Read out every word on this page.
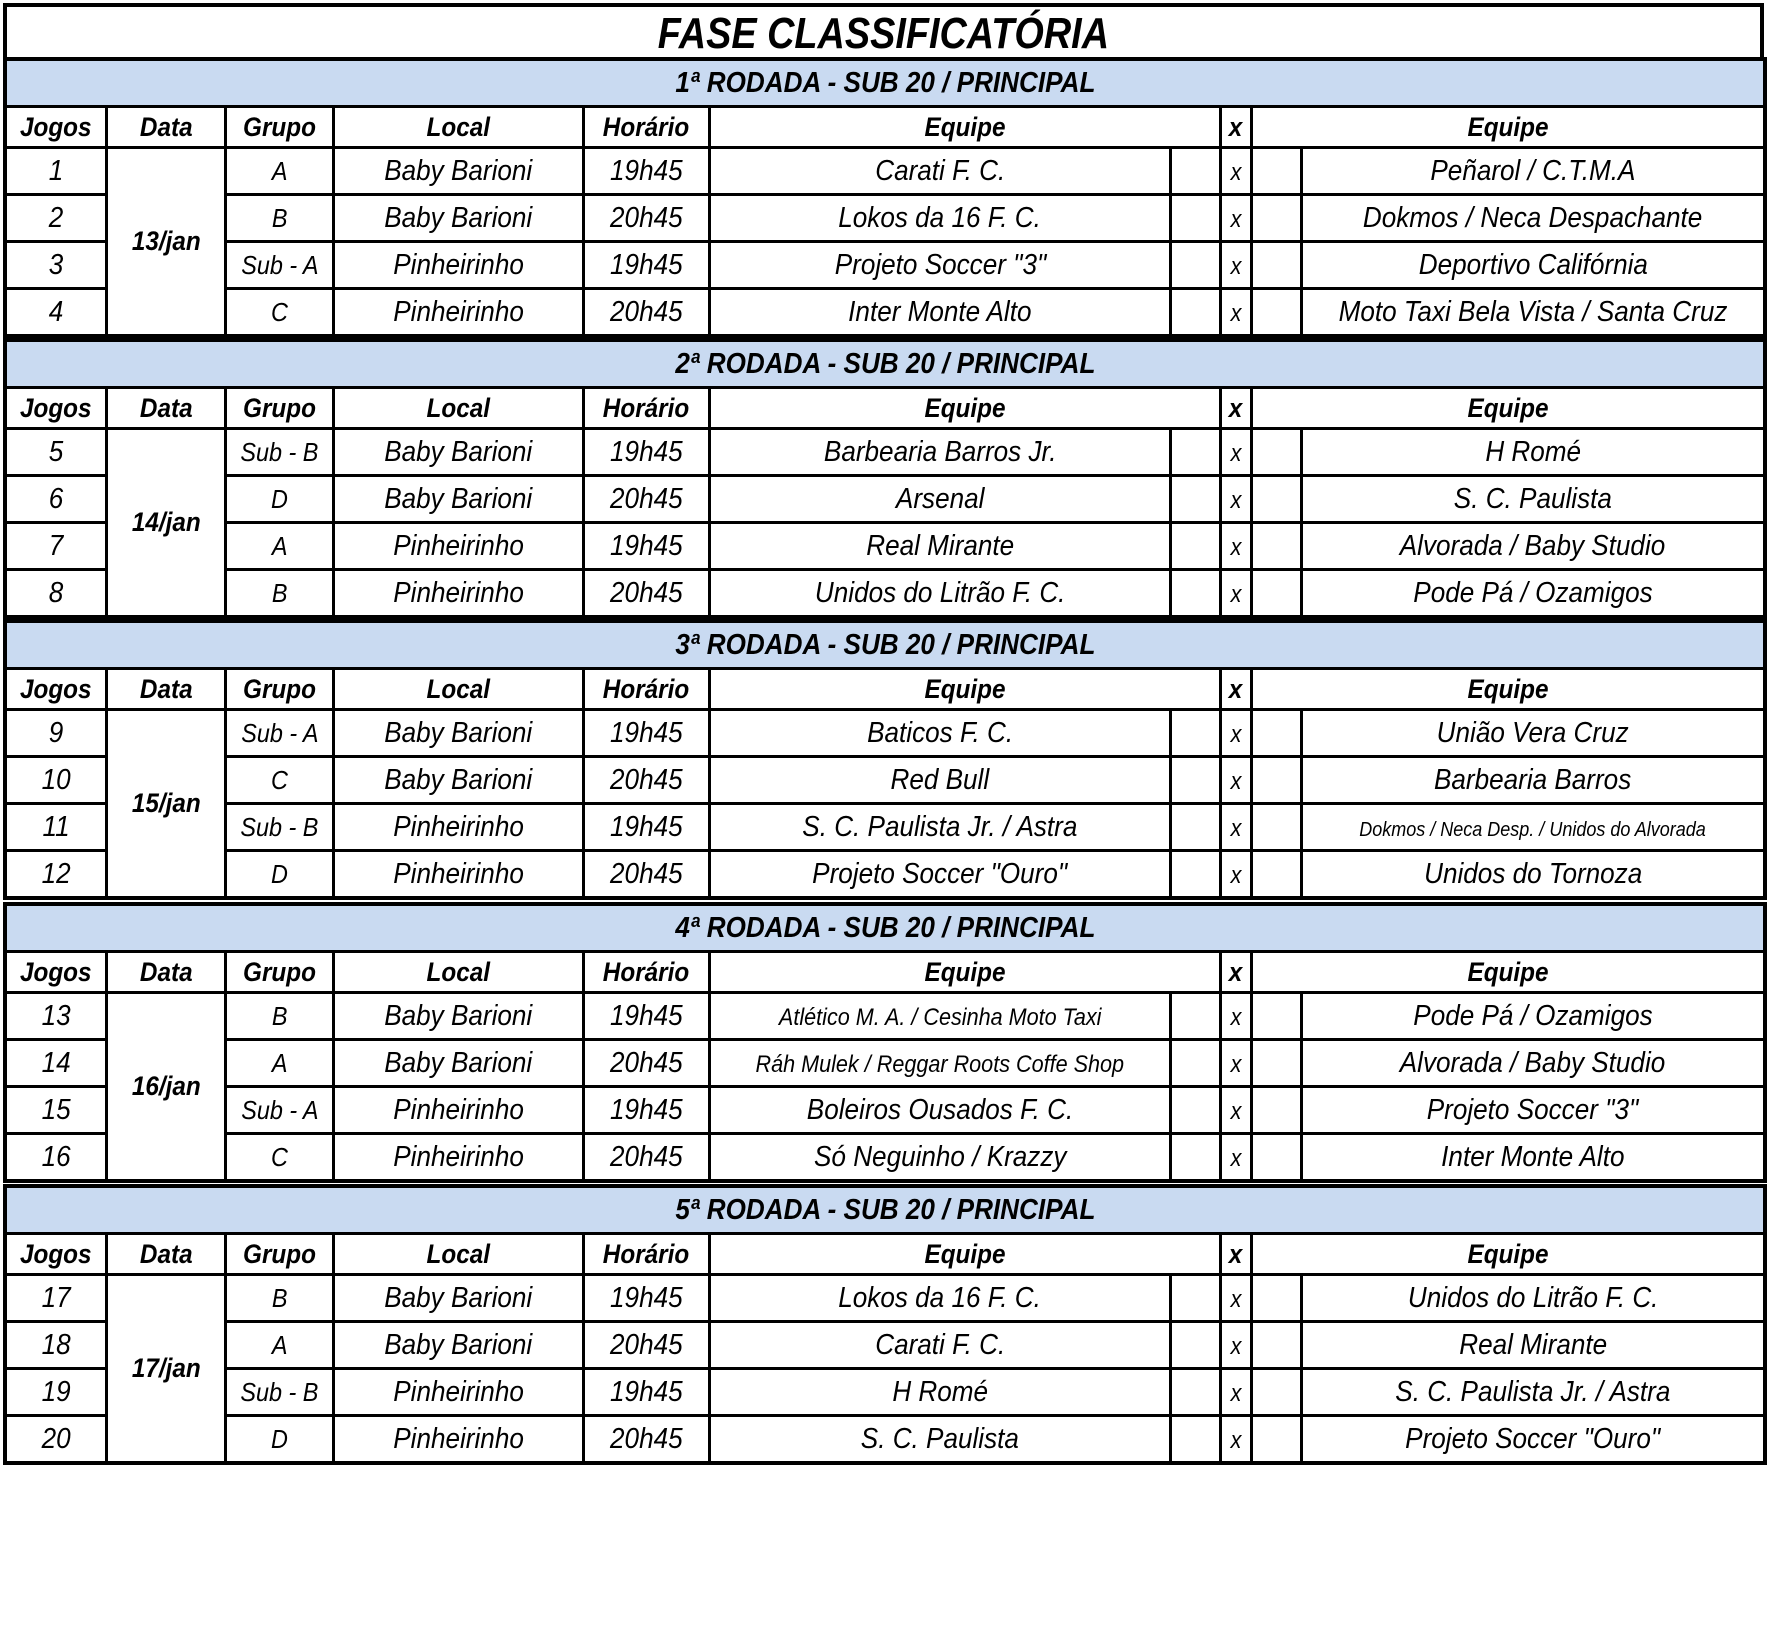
FASE CLASSIFICATÓRIA
1ª RODADA - SUB 20 / PRINCIPAL									
Jogos	Data	Grupo	Local	Horário	Equipe		x	Equipe	
1	13/jan	A	Baby Barioni	19h45	Carati F. C.		x		Peñarol / C.T.M.A
2		B	Baby Barioni	20h45	Lokos da 16 F. C.		x		Dokmos / Neca Despachante
3		Sub - A	Pinheirinho	19h45	Projeto Soccer "3"		x		Deportivo Califórnia
4		C	Pinheirinho	20h45	Inter Monte Alto		x		Moto Taxi Bela Vista / Santa Cruz
2ª RODADA - SUB 20 / PRINCIPAL									
Jogos	Data	Grupo	Local	Horário	Equipe		x	Equipe	
5	14/jan	Sub - B	Baby Barioni	19h45	Barbearia Barros Jr.		x		H Romé
6		D	Baby Barioni	20h45	Arsenal		x		S. C. Paulista
7		A	Pinheirinho	19h45	Real Mirante		x		Alvorada / Baby Studio
8		B	Pinheirinho	20h45	Unidos do Litrão F. C.		x		Pode Pá / Ozamigos
3ª RODADA - SUB 20 / PRINCIPAL									
Jogos	Data	Grupo	Local	Horário	Equipe		x	Equipe	
9	15/jan	Sub - A	Baby Barioni	19h45	Baticos F. C.		x		União Vera Cruz
10		C	Baby Barioni	20h45	Red Bull		x		Barbearia Barros
11		Sub - B	Pinheirinho	19h45	S. C. Paulista Jr. / Astra		x		Dokmos / Neca Desp. / Unidos do Alvorada
12		D	Pinheirinho	20h45	Projeto Soccer "Ouro"		x		Unidos do Tornoza
4ª RODADA - SUB 20 / PRINCIPAL									
Jogos	Data	Grupo	Local	Horário	Equipe		x	Equipe	
13	16/jan	B	Baby Barioni	19h45	Atlético M. A. / Cesinha Moto Taxi		x		Pode Pá / Ozamigos
14		A	Baby Barioni	20h45	Ráh Mulek / Reggar Roots Coffe Shop		x		Alvorada / Baby Studio
15		Sub - A	Pinheirinho	19h45	Boleiros Ousados F. C.		x		Projeto Soccer "3"
16		C	Pinheirinho	20h45	Só Neguinho / Krazzy		x		Inter Monte Alto
5ª RODADA - SUB 20 / PRINCIPAL									
Jogos	Data	Grupo	Local	Horário	Equipe		x	Equipe	
17	17/jan	B	Baby Barioni	19h45	Lokos da 16 F. C.		x		Unidos do Litrão F. C.
18		A	Baby Barioni	20h45	Carati F. C.		x		Real Mirante
19		Sub - B	Pinheirinho	19h45	H Romé		x		S. C. Paulista Jr. / Astra
20		D	Pinheirinho	20h45	S. C. Paulista		x		Projeto Soccer "Ouro"
